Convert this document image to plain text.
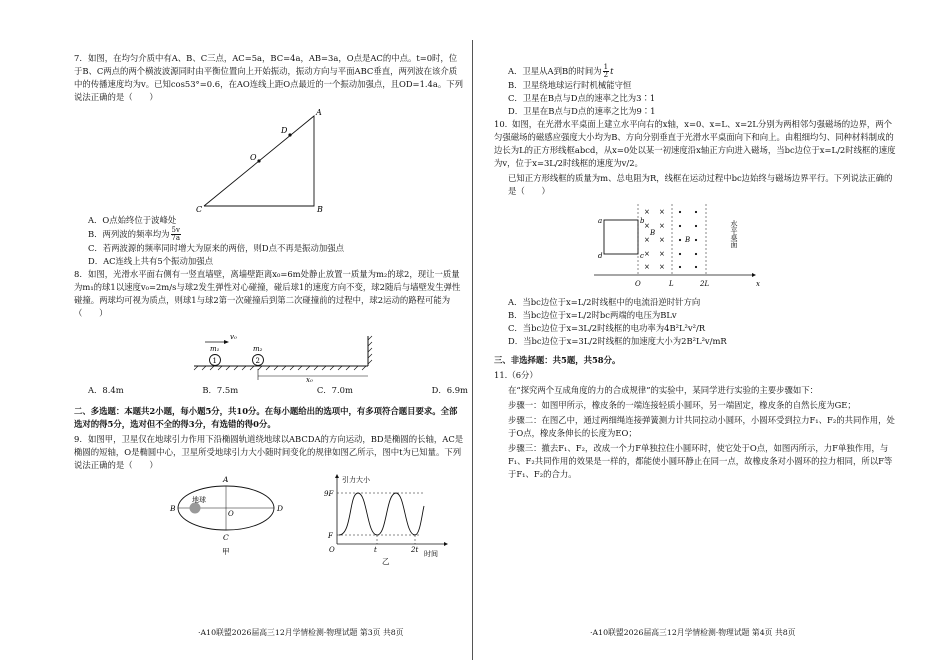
7. 如图，在均匀介质中有A、B、C三点，AC=5a，BC=4a，AB=3a，O点是AC的中点。t=0时，位于B、C两点的两个横波波源同时由平衡位置向上开始振动，振动方向与平面ABC垂直，两列波在该介质中的传播速度均为v。已知cos53°=0.6，在AO连线上距O点最近的一个振动加强点，且OD=1.4a。下列说法正确的是（　　）
A
B
C
D
O
A．O点始终位于波峰处
B．两列波的频率均为 $\frac{5v}{7a}$
C．若两波源的频率同时增大为原来的两倍，则D点不再是振动加强点
D．AC连线上共有5个振动加强点
8. 如图，光滑水平面右侧有一竖直墙壁，离墙壁距离x₀=6m处静止放置一质量为m₂的球2，现让一质量为m₁的球1以速度v₀=2m/s与球2发生弹性对心碰撞，碰后球1的速度方向不变，球2随后与墙壁发生弹性碰撞。两球均可视为质点，则球1与球2第一次碰撞后到第二次碰撞前的过程中，球2运动的路程可能为（　　）
1	2
m₁	m₂
v₀
x₀
A．8.4m	B．7.5m	C．7.0m	D．6.9m
二、多选题：本题共2小题，每小题5分，共10分。在每小题给出的选项中，有多项符合题目要求。全部选对的得5分，选对但不全的得3分，有选错的得0分。
9. 如图甲，卫星仅在地球引力作用下沿椭圆轨道绕地球以ABCDA的方向运动，BD是椭圆的长轴，AC是椭圆的短轴，O是椭圆中心，卫星所受地球引力大小随时间变化的规律如图乙所示，图中t为已知量。下列说法正确的是（　　）
地球
A
B
C
D
O
甲
引力大小
时间
9F
F
O	t	2t
乙
·A10联盟2026届高三12月学情检测·物理试题 第3页 共8页
A．卫星从A到B的时间为 $\frac{1}{2}$ t
B．卫星绕地球运行时机械能守恒
C．卫星在B点与D点的速率之比为3∶1
D．卫星在B点与D点的速率之比为9∶1
10. 如图，在光滑水平桌面上建立水平向右的x轴，x=0、x=L、x=2L分别为两相邻匀强磁场的边界，两个匀强磁场的磁感应强度大小均为B、方向分别垂直于光滑水平桌面向下和向上。由粗细均匀、同种材料制成的边长为L的正方形线框abcd，从x=0处以某一初速度沿x轴正方向进入磁场，当bc边位于x=L/2时线框的速度为v，位于x=3L/2时线框的速度为v/2。
已知正方形线框的质量为m、总电阻为R，线框在运动过程中bc边始终与磁场边界平行。下列说法正确的是（　　）
a	b
c
d
× ×
× ×
× ×
× ×
× ×
B
B
O	L	2L	x
水平桌面
A．当bc边位于x=L/2时线框中的电流沿逆时针方向
B．当bc边位于x=L/2时bc两端的电压为BLv
C．当bc边位于x=3L/2时线框的电功率为4B²L²v²/R
D．当bc边位于x=3L/2时线框的加速度大小为2B²L²v/mR
三、非选择题：共5题，共58分。
11.（6分）
在“探究两个互成角度的力的合成规律”的实验中，某同学进行实验的主要步骤如下：
步骤一：如图甲所示，橡皮条的一端连接轻质小圆环，另一端固定，橡皮条的自然长度为GE；
步骤二：在图乙中，通过两细绳连接弹簧测力计共同拉动小圆环，小圆环受到拉力F₁、F₂的共同作用，处于O点，橡皮条伸长的长度为EO；
步骤三：撤去F₁、F₂，改成一个力F单独拉住小圆环时，使它处于O点，如图丙所示，力F单独作用，与F₁、F₂共同作用的效果是一样的，都能使小圆环静止在同一点，故橡皮条对小圆环的拉力相同，所以F等于F₁、F₂的合力。
·A10联盟2026届高三12月学情检测·物理试题 第4页 共8页
